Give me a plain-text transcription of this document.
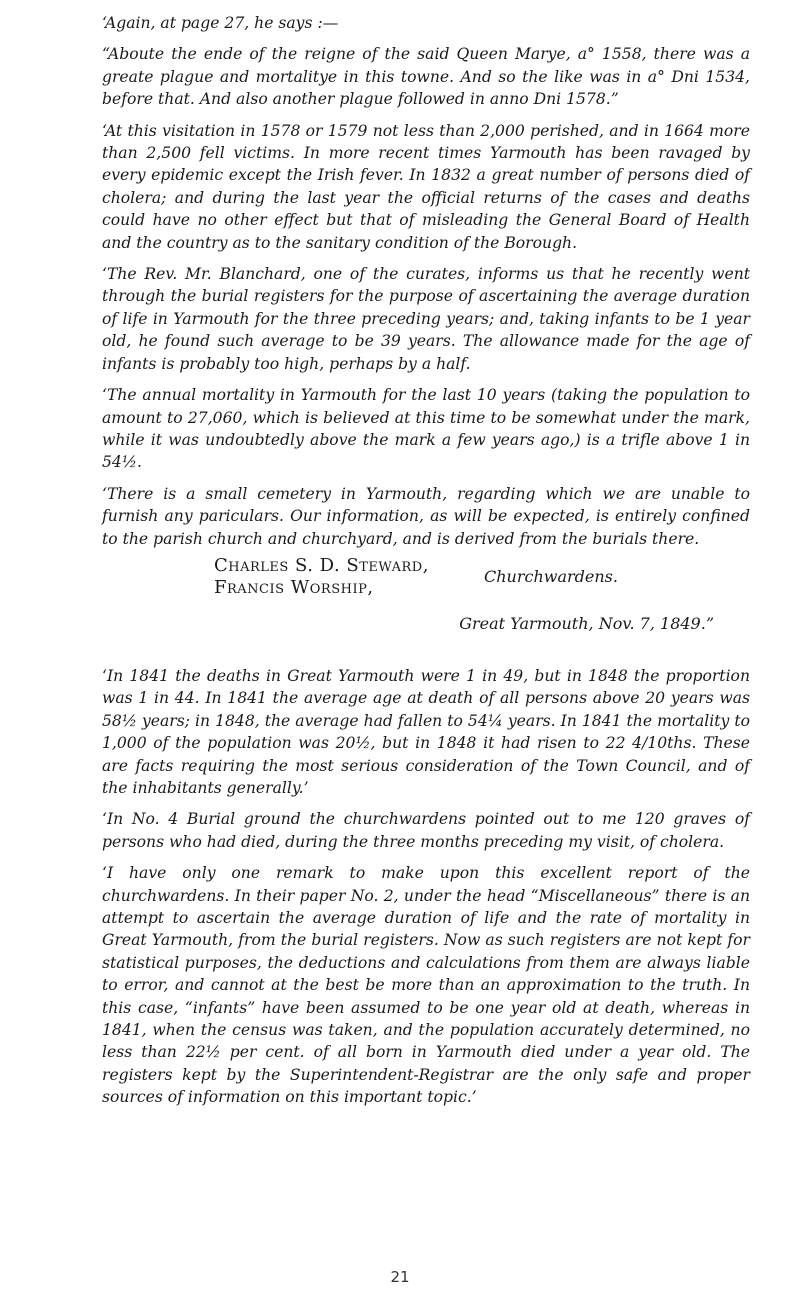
‘Again, at page 27, he says :—

“Aboute the ende of the reigne of the said Queen Marye, a° 1558, there was a greate plague and mortalitye in this towne. And so the like was in a° Dni 1534, before that. And also another plague followed in anno Dni 1578.”

‘At this visitation in 1578 or 1579 not less than 2,000 perished, and in 1664 more than 2,500 fell victims. In more recent times Yarmouth has been ravaged by every epidemic except the Irish fever. In 1832 a great number of persons died of cholera; and during the last year the official returns of the cases and deaths could have no other effect but that of misleading the General Board of Health and the country as to the sanitary condition of the Borough.

‘The Rev. Mr. Blanchard, one of the curates, informs us that he recently went through the burial registers for the purpose of ascertaining the average duration of life in Yarmouth for the three preceding years; and, taking infants to be 1 year old, he found such average to be 39 years. The allowance made for the age of infants is probably too high, perhaps by a half.

‘The annual mortality in Yarmouth for the last 10 years (taking the population to amount to 27,060, which is believed at this time to be somewhat under the mark, while it was undoubtedly above the mark a few years ago,) is a trifle above 1 in 54½.

‘There is a small cemetery in Yarmouth, regarding which we are unable to furnish any pariculars. Our information, as will be expected, is entirely confined to the parish church and churchyard, and is derived from the burials there.

Charles S. D. Steward,
Francis Worship,
Churchwardens.

Great Yarmouth, Nov. 7, 1849.”

‘In 1841 the deaths in Great Yarmouth were 1 in 49, but in 1848 the proportion was 1 in 44. In 1841 the average age at death of all persons above 20 years was 58½ years; in 1848, the average had fallen to 54¼ years. In 1841 the mortality to 1,000 of the population was 20½, but in 1848 it had risen to 22 4/10ths. These are facts requiring the most serious consideration of the Town Council, and of the inhabitants generally.’

‘In No. 4 Burial ground the churchwardens pointed out to me 120 graves of persons who had died, during the three months preceding my visit, of cholera.

‘I have only one remark to make upon this excellent report of the churchwardens. In their paper No. 2, under the head “Miscellaneous” there is an attempt to ascertain the average duration of life and the rate of mortality in Great Yarmouth, from the burial registers. Now as such registers are not kept for statistical purposes, the deductions and calculations from them are always liable to error, and cannot at the best be more than an approximation to the truth. In this case, “infants” have been assumed to be one year old at death, whereas in 1841, when the census was taken, and the population accurately determined, no less than 22½ per cent. of all born in Yarmouth died under a year old. The registers kept by the Superintendent-Registrar are the only safe and proper sources of information on this important topic.’

21
